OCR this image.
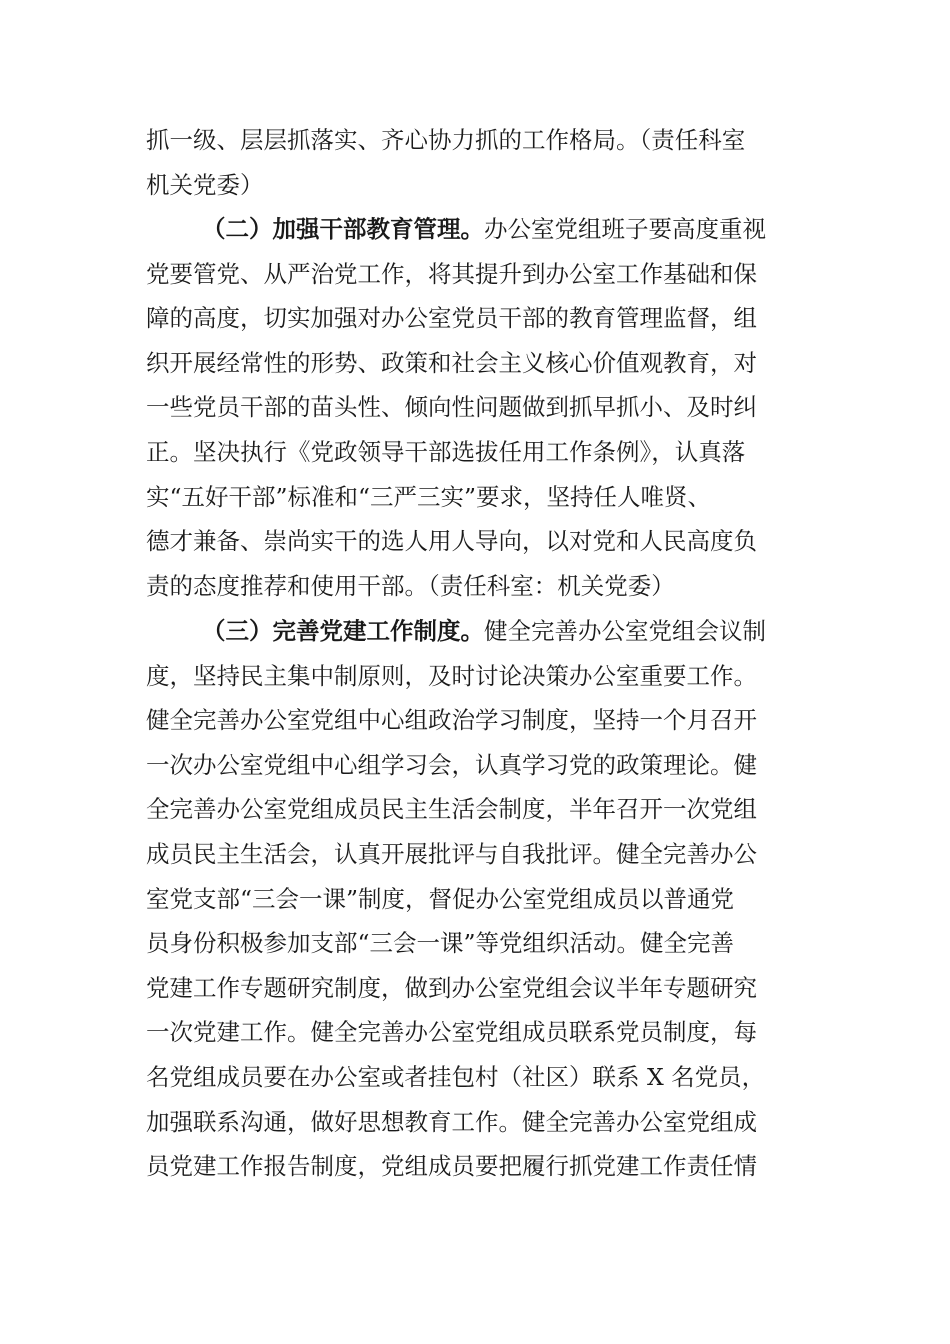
抓一级、层层抓落实、齐心协力抓的工作格局。（责任科室
机关党委）
（二）加强干部教育管理。办公室党组班子要高度重视
党要管党、从严治党工作，将其提升到办公室工作基础和保
障的高度，切实加强对办公室党员干部的教育管理监督，组
织开展经常性的形势、政策和社会主义核心价值观教育，对
一些党员干部的苗头性、倾向性问题做到抓早抓小、及时纠
正。坚决执行《党政领导干部选拔任用工作条例》，认真落
实“五好干部”标准和“三严三实”要求，坚持任人唯贤、
德才兼备、崇尚实干的选人用人导向，以对党和人民高度负
责的态度推荐和使用干部。（责任科室：机关党委）
（三）完善党建工作制度。健全完善办公室党组会议制
度，坚持民主集中制原则，及时讨论决策办公室重要工作。
健全完善办公室党组中心组政治学习制度，坚持一个月召开
一次办公室党组中心组学习会，认真学习党的政策理论。健
全完善办公室党组成员民主生活会制度，半年召开一次党组
成员民主生活会，认真开展批评与自我批评。健全完善办公
室党支部“三会一课”制度，督促办公室党组成员以普通党
员身份积极参加支部“三会一课”等党组织活动。健全完善
党建工作专题研究制度，做到办公室党组会议半年专题研究
一次党建工作。健全完善办公室党组成员联系党员制度，每
名党组成员要在办公室或者挂包村（社区）联系 X 名党员，
加强联系沟通，做好思想教育工作。健全完善办公室党组成
员党建工作报告制度，党组成员要把履行抓党建工作责任情
